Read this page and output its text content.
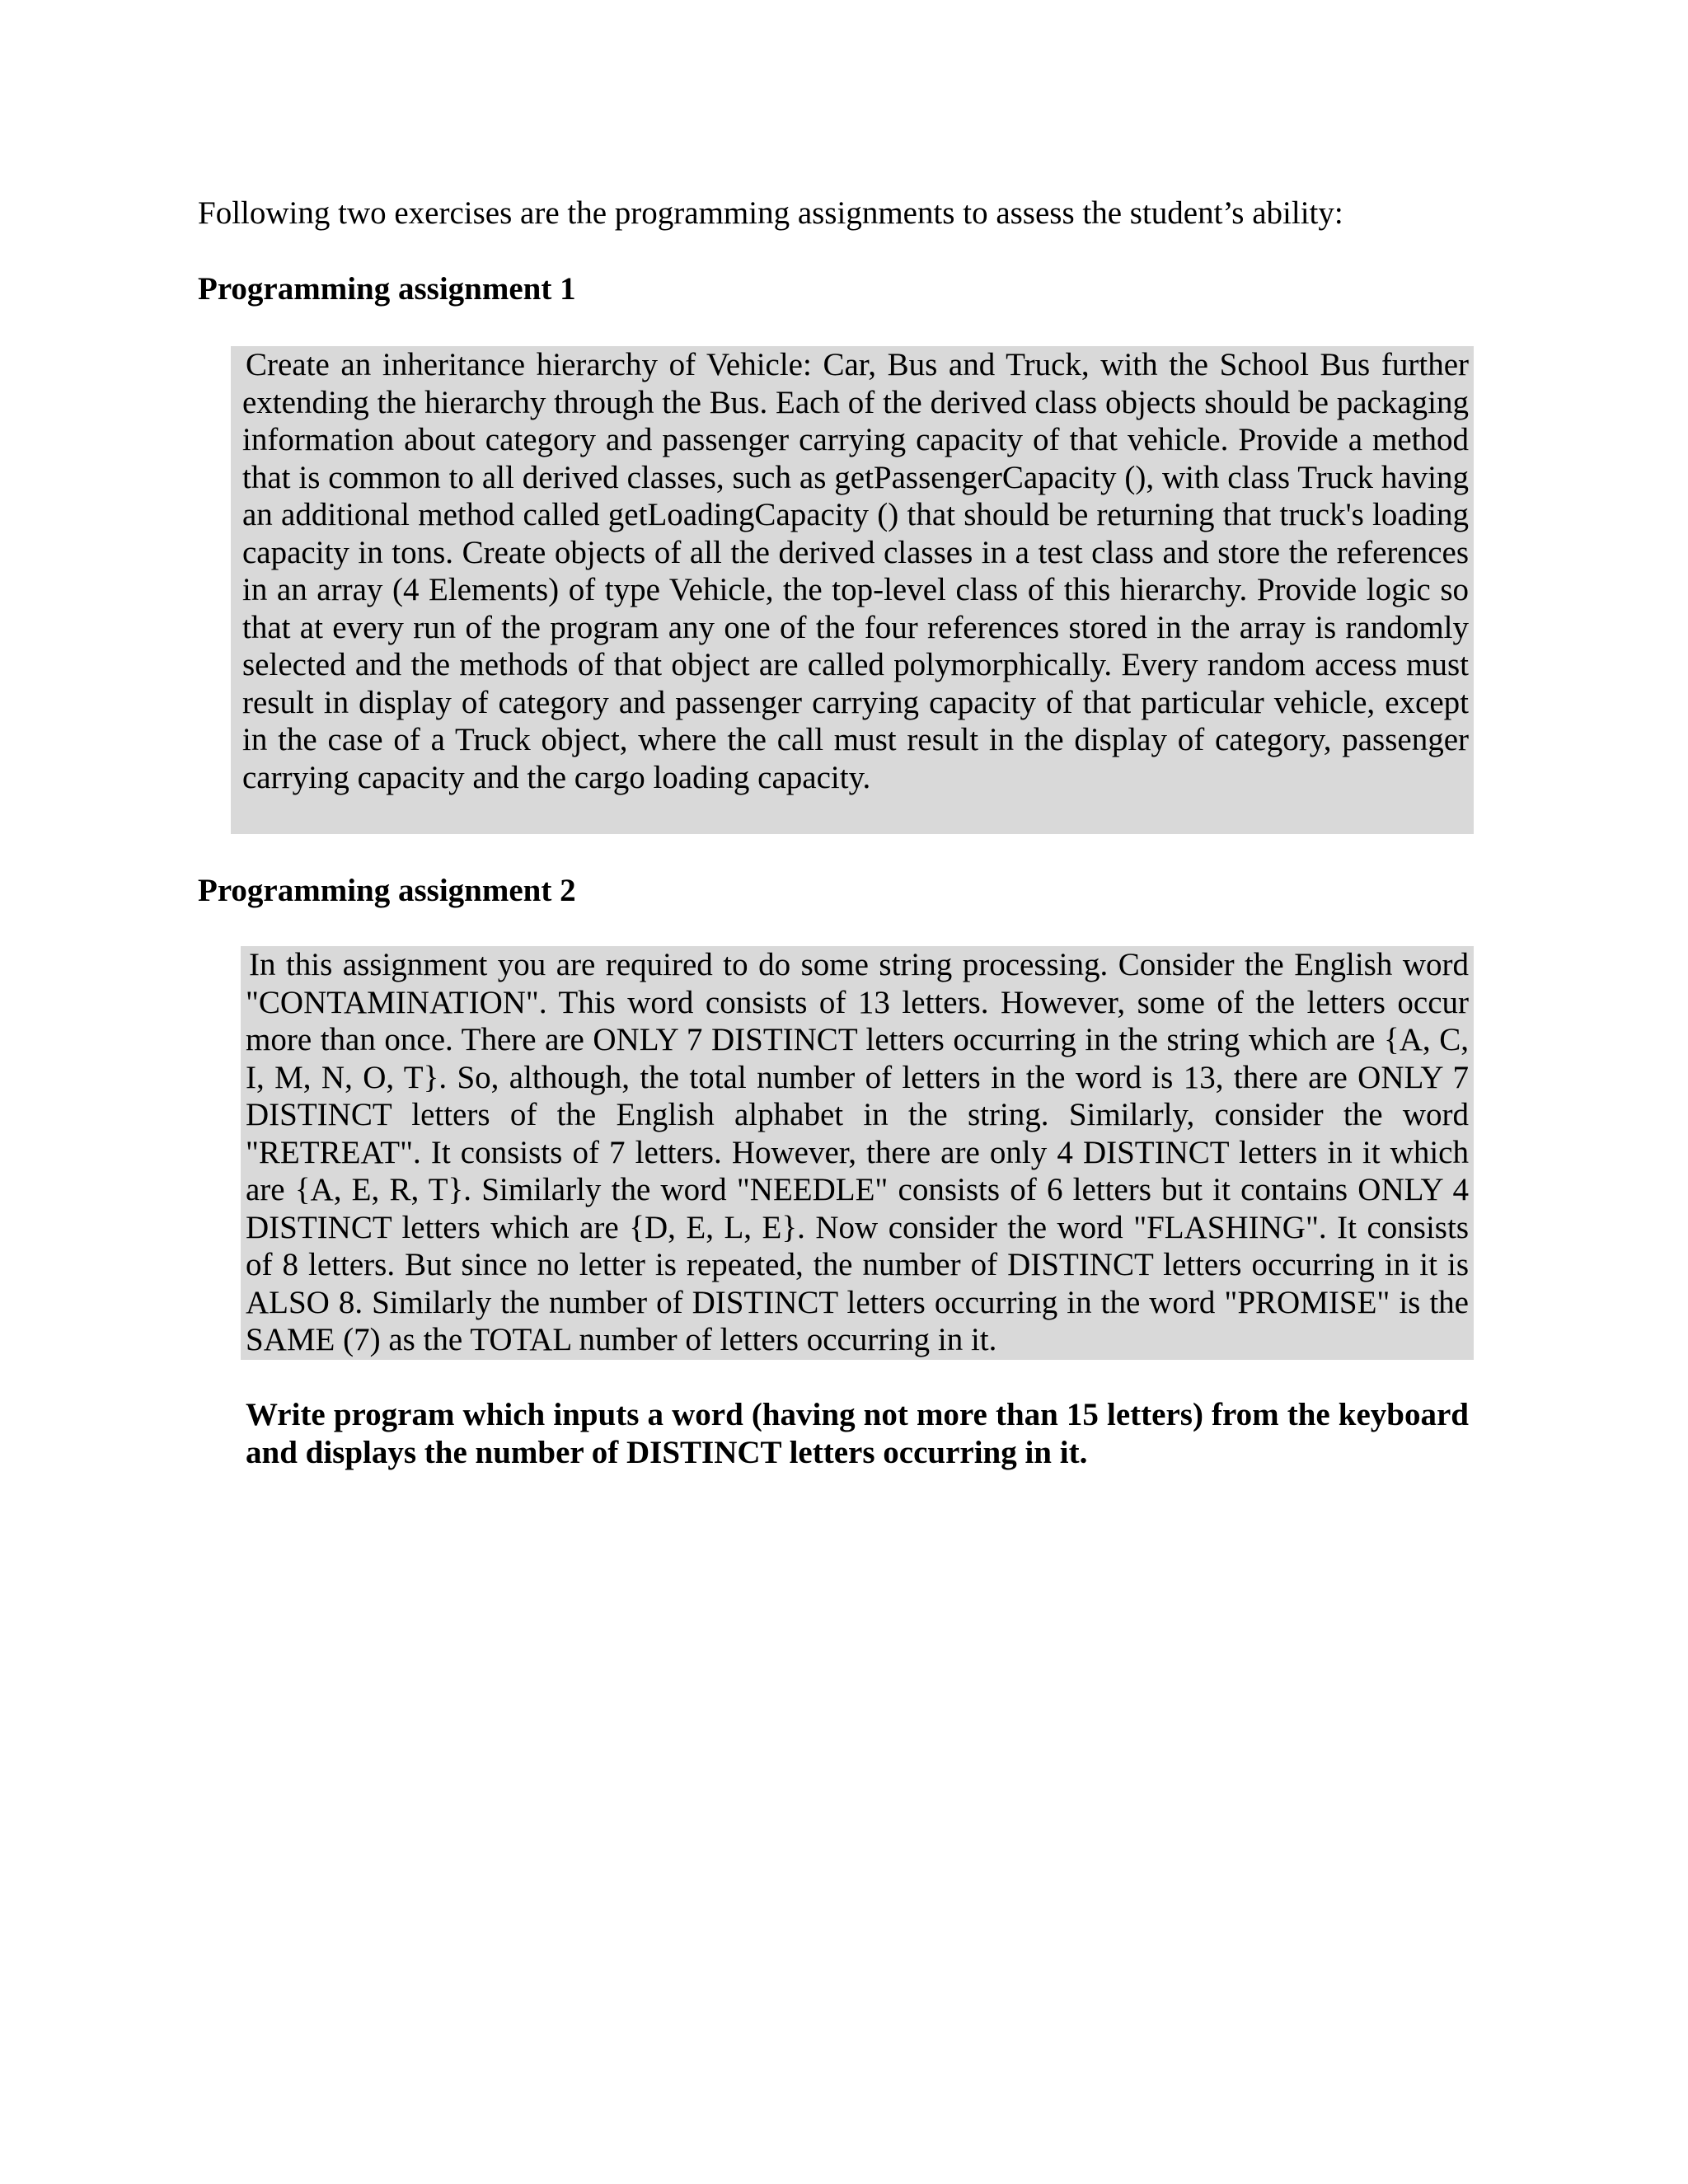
Following two exercises are the programming assignments to assess the student’s ability:

Programming assignment 1

Create an inheritance hierarchy of Vehicle: Car, Bus and Truck, with the School Bus further extending the hierarchy through the Bus. Each of the derived class objects should be packaging information about category and passenger carrying capacity of that vehicle. Provide a method that is common to all derived classes, such as getPassengerCapacity (), with class Truck having an additional method called getLoadingCapacity () that should be returning that truck's loading capacity in tons. Create objects of all the derived classes in a test class and store the references in an array (4 Elements) of type Vehicle, the top-level class of this hierarchy. Provide logic so that at every run of the program any one of the four references stored in the array is randomly selected and the methods of that object are called polymorphically. Every random access must result in display of category and passenger carrying capacity of that particular vehicle, except in the case of a Truck object, where the call must result in the display of category, passenger carrying capacity and the cargo loading capacity.

Programming assignment 2

In this assignment you are required to do some string processing. Consider the English word "CONTAMINATION". This word consists of 13 letters. However, some of the letters occur more than once. There are ONLY 7 DISTINCT letters occurring in the string which are {A, C, I, M, N, O, T}. So, although, the total number of letters in the word is 13, there are ONLY 7 DISTINCT letters of the English alphabet in the string. Similarly, consider the word "RETREAT". It consists of 7 letters. However, there are only 4 DISTINCT letters in it which are {A, E, R, T}. Similarly the word "NEEDLE" consists of 6 letters but it contains ONLY 4 DISTINCT letters which are {D, E, L, E}. Now consider the word "FLASHING". It consists of 8 letters. But since no letter is repeated, the number of DISTINCT letters occurring in it is ALSO 8. Similarly the number of DISTINCT letters occurring in the word "PROMISE" is the SAME (7) as the TOTAL number of letters occurring in it.

Write program which inputs a word (having not more than 15 letters) from the keyboard and displays the number of DISTINCT letters occurring in it.
